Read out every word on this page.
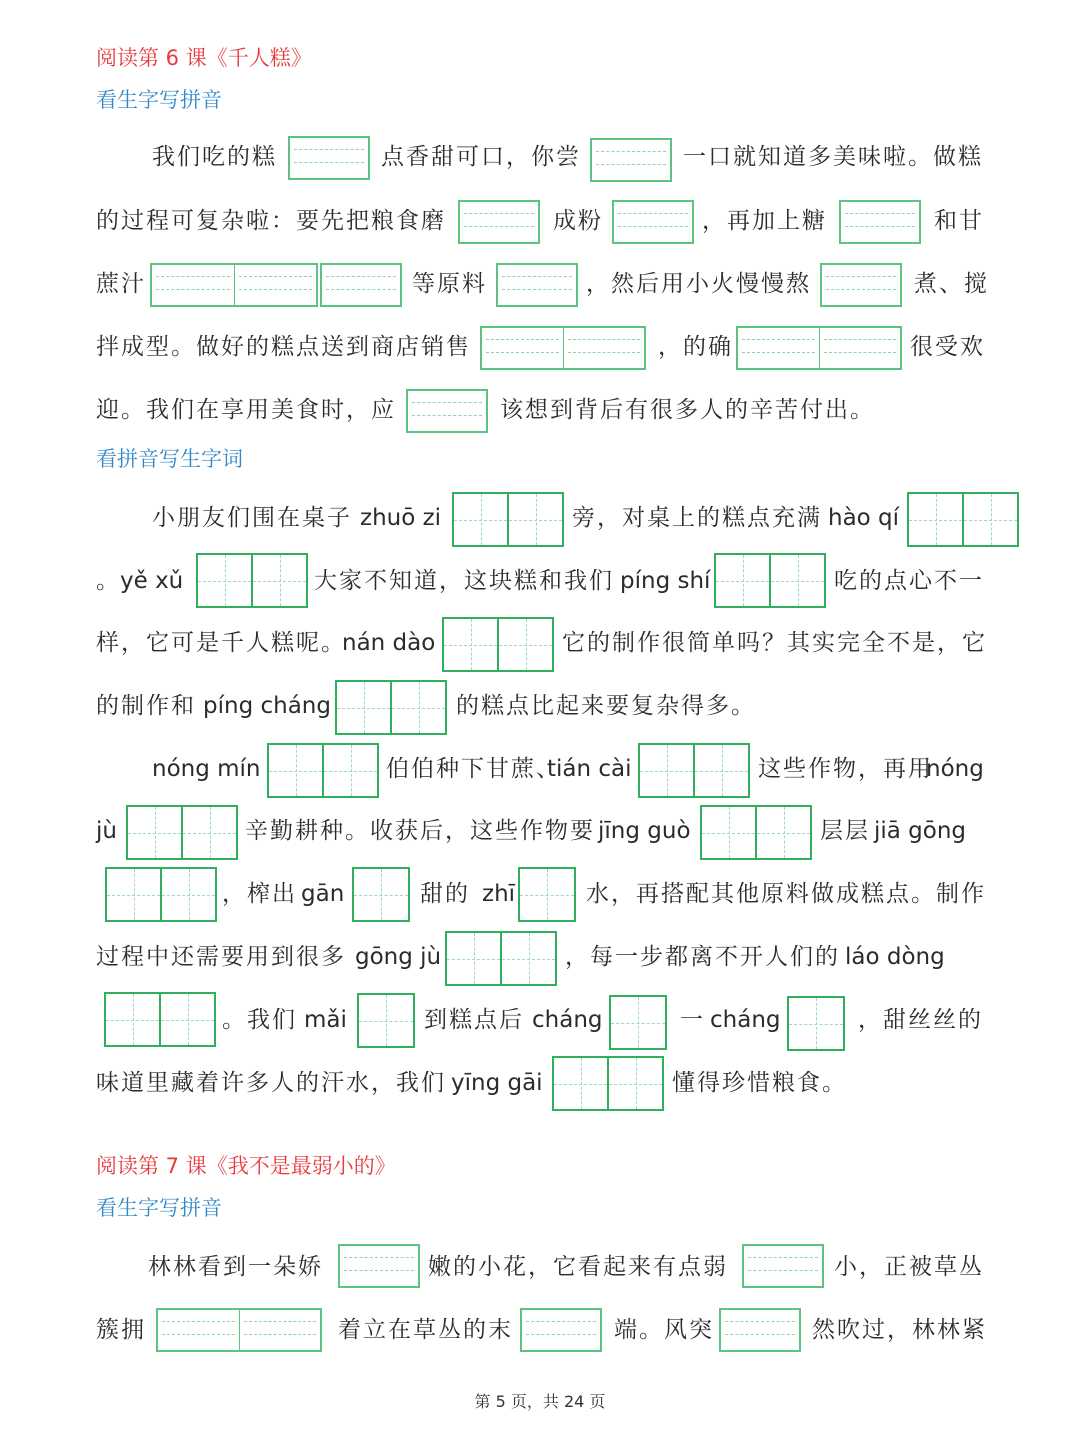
阅读第 6 课《千人糕》
看生字写拼音
我们吃的糕	点香甜可口，你尝	一口就知道多美味啦。做糕
的过程可复杂啦：要先把粮食磨	成粉	，再加上糖	和甘
蔗汁	等原料	，然后用小火慢慢熬	煮、搅
拌成型。做好的糕点送到商店销售	，的确	很受欢
迎。我们在享用美食时，应	该想到背后有很多人的辛苦付出。
看拼音写生字词
小朋友们围在桌子 zhuō zi	旁，对桌上的糕点充满 hào qí
。 yě xǔ	大家不知道，这块糕和我们 píng shí	吃的点心不一
样，它可是千人糕呢。
nán dào	它的制作很简单吗？其实完全不是，它
的制作和 píng cháng	的糕点比起来要复杂得多。
nóng mín	伯伯种下甘蔗、
tián cài	这些作物，再用
nóng
jù	辛勤耕种。收获后，这些作物要 jīng guò	层层 jiā gōng
，榨出 gān	甜的 zhī	水，再搭配其他原料做成糕点。制作
过程中还需要用到很多 gōng jù	，每一步都离不开人们的 láo dòng
。我们 mǎi	到糕点后 cháng	一 cháng	，甜丝丝的
味道里藏着许多人的汗水，我们 yīng gāi	懂得珍惜粮食。
阅读第 7 课《我不是最弱小的》
看生字写拼音
林林看到一朵娇	嫩的小花，它看起来有点弱	小，正被草丛
簇拥	着立在草丛的末	端。风突	然吹过，林林紧
第 5 页，共 24 页
